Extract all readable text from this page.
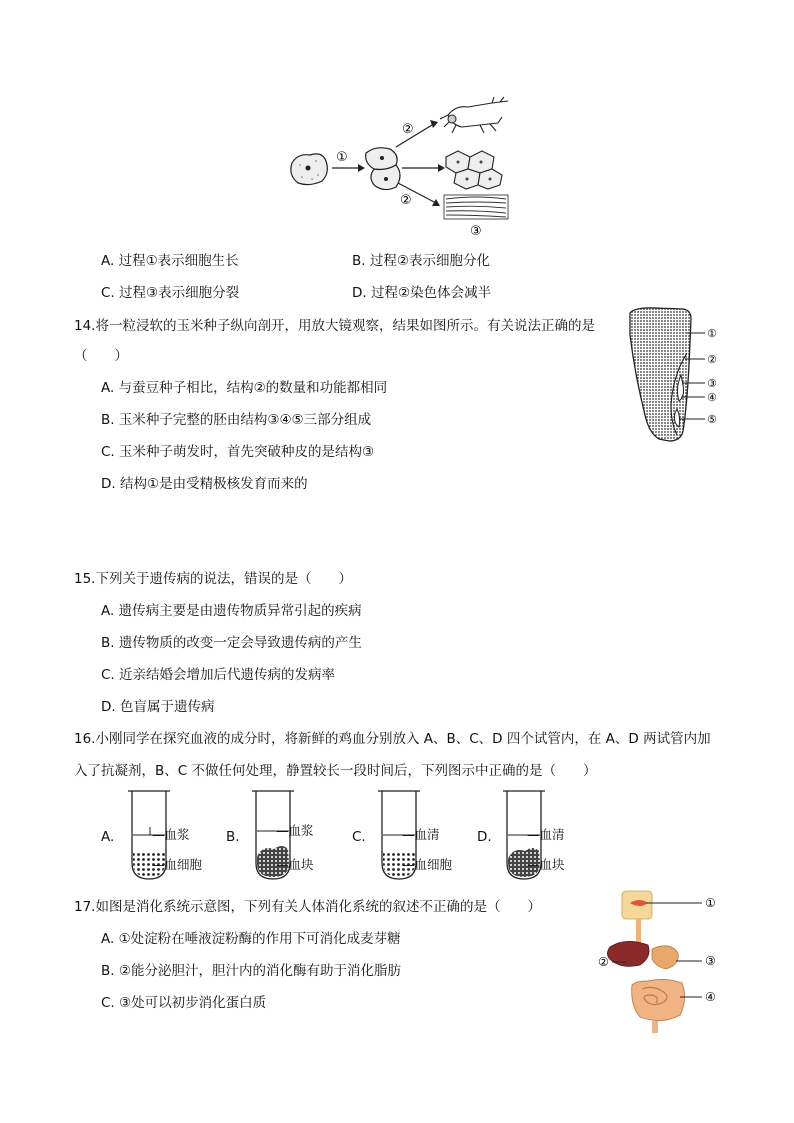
①
②
②
③
A. 过程①表示细胞生长	B. 过程②表示细胞分化
C. 过程③表示细胞分裂	D. 过程②染色体会减半
14.将一粒浸软的玉米种子纵向剖开，用放大镜观察，结果如图所示。有关说法正确的是
（　　）
A. 与蚕豆种子相比，结构②的数量和功能都相同
B. 玉米种子完整的胚由结构③④⑤三部分组成
C. 玉米种子萌发时，首先突破种皮的是结构③
D. 结构①是由受精极核发育而来的
①
②
③
④
⑤
15.下列关于遗传病的说法，错误的是（　　）
A. 遗传病主要是由遗传物质异常引起的疾病
B. 遗传物质的改变一定会导致遗传病的产生
C. 近亲结婚会增加后代遗传病的发病率
D. 色盲属于遗传病
16.小刚同学在探究血液的成分时，将新鲜的鸡血分别放入 A、B、C、D 四个试管内，在 A、D 两试管内加
入了抗凝剂，B、C 不做任何处理，静置较长一段时间后，下列图示中正确的是（　　）
A.	—血浆
—血细胞
B.	—血浆
—血块
C.	—血清
—血细胞
D.	—血清
—血块
17.如图是消化系统示意图，下列有关人体消化系统的叙述不正确的是（　　）
A. ①处淀粉在唾液淀粉酶的作用下可消化成麦芽糖
B. ②能分泌胆汁，胆汁内的消化酶有助于消化脂肪
C. ③处可以初步消化蛋白质
①
②	③
④
